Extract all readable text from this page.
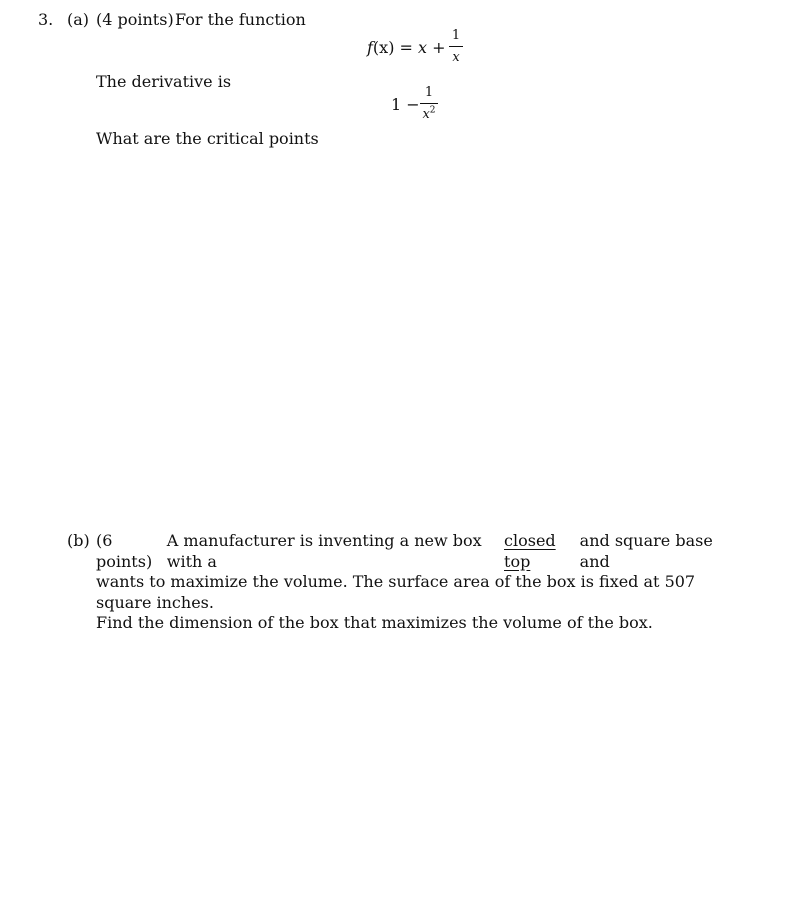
3. (a) (4 points) For the function
f(x) = x +
1
x
The derivative is
1 −
1
$x^2$
What are the critical points
(b) (6 points)
A manufacturer is inventing a new box with a
closed top
and square base and
wants to maximize the volume. The surface area of the box is fixed at 507 square inches.
Find the dimension of the box that maximizes the volume of the box.
